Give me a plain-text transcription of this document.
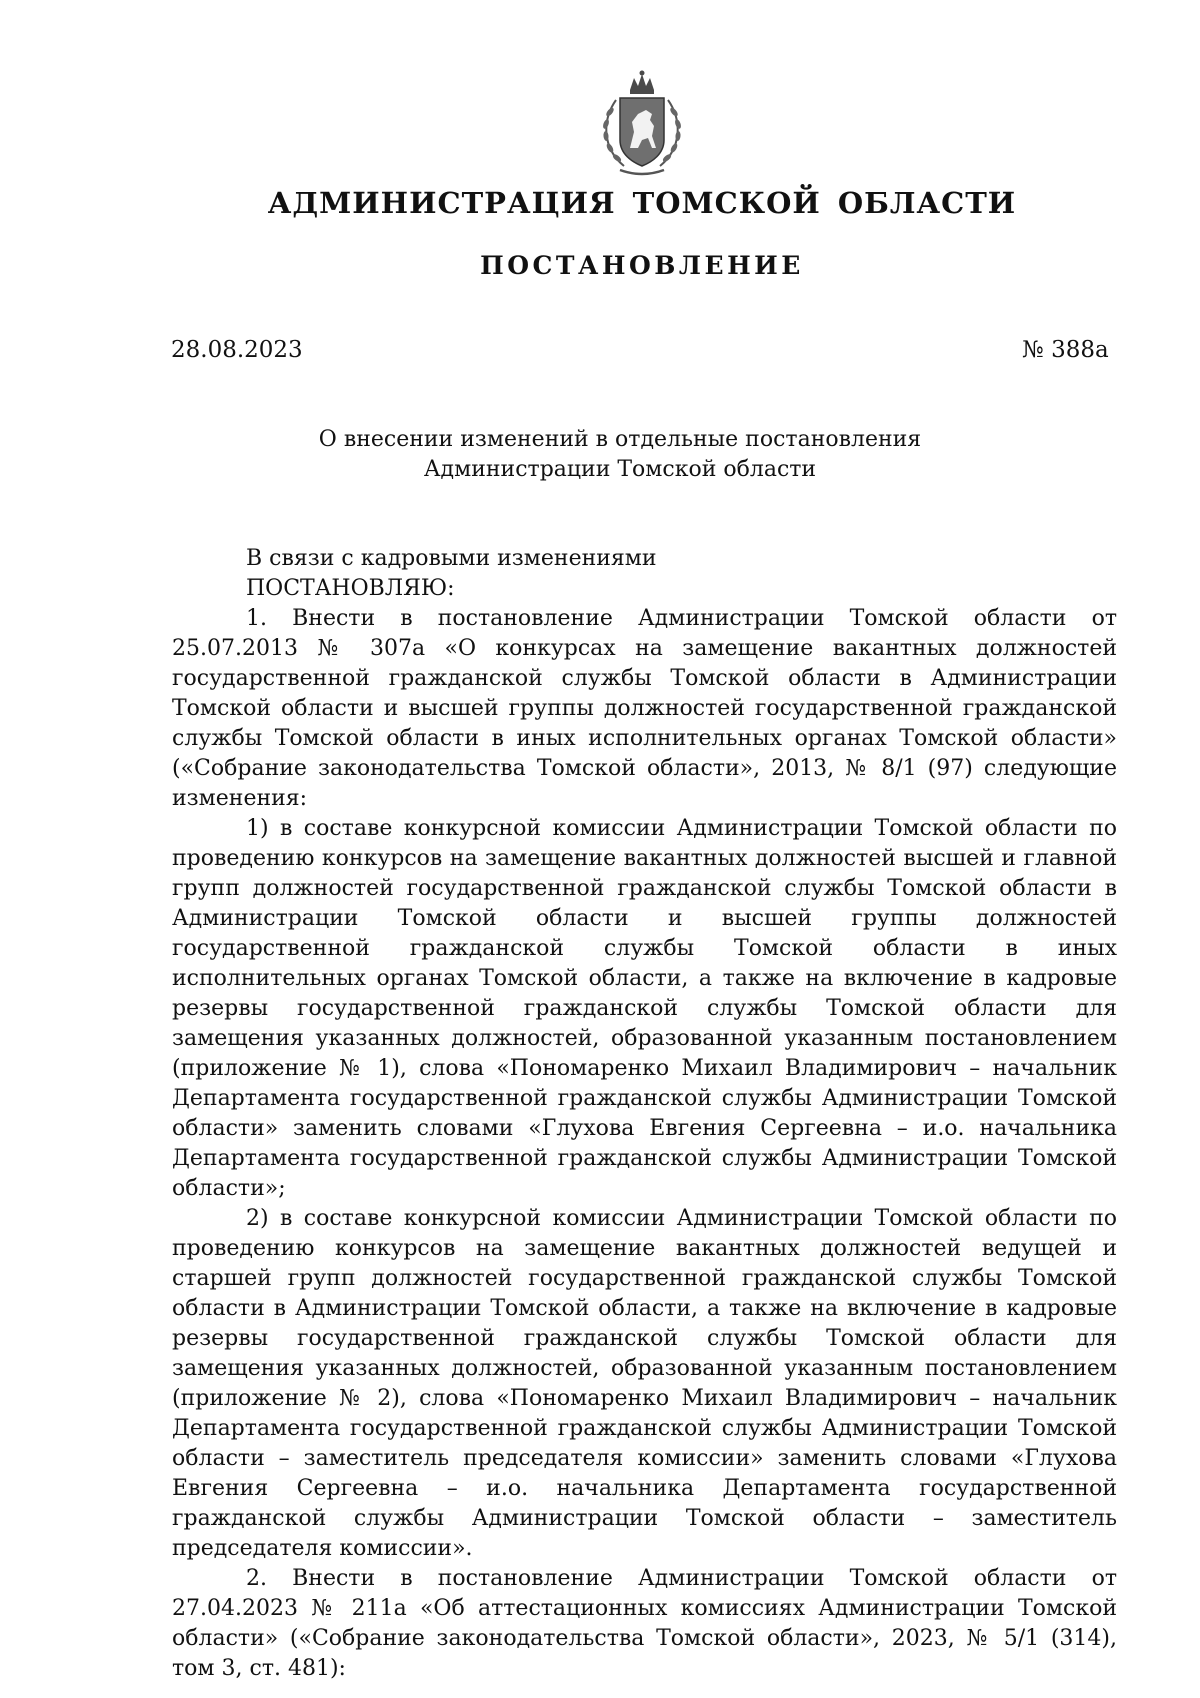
АДМИНИСТРАЦИЯ ТОМСКОЙ ОБЛАСТИ
ПОСТАНОВЛЕНИЕ
28.08.2023	№ 388а
О внесении изменений в отдельные постановления
Администрации Томской области

В связи с кадровыми изменениями

ПОСТАНОВЛЯЮ:

1. Внести в постановление Администрации Томской области от 25.07.2013 № 307а «О конкурсах на замещение вакантных должностей государственной гражданской службы Томской области в Администрации Томской области и высшей группы должностей государственной гражданской службы Томской области в иных исполнительных органах Томской области» («Собрание законодательства Томской области», 2013, № 8/1 (97) следующие изменения:

1) в составе конкурсной комиссии Администрации Томской области по проведению конкурсов на замещение вакантных должностей высшей и главной групп должностей государственной гражданской службы Томской области в Администрации Томской области и высшей группы должностей государственной гражданской службы Томской области в иных исполнительных органах Томской области, а также на включение в кадровые резервы государственной гражданской службы Томской области для замещения указанных должностей, образованной указанным постановлением (приложение № 1), слова «Пономаренко Михаил Владимирович – начальник Департамента государственной гражданской службы Администрации Томской области» заменить словами «Глухова Евгения Сергеевна – и.о. начальника Департамента государственной гражданской службы Администрации Томской области»;

2) в составе конкурсной комиссии Администрации Томской области по проведению конкурсов на замещение вакантных должностей ведущей и старшей групп должностей государственной гражданской службы Томской области в Администрации Томской области, а также на включение в кадровые резервы государственной гражданской службы Томской области для замещения указанных должностей, образованной указанным постановлением (приложение № 2), слова «Пономаренко Михаил Владимирович – начальник Департамента государственной гражданской службы Администрации Томской области – заместитель председателя комиссии» заменить словами «Глухова Евгения Сергеевна – и.о. начальника Департамента государственной гражданской службы Администрации Томской области – заместитель председателя комиссии».

2. Внести в постановление Администрации Томской области от 27.04.2023 № 211а «Об аттестационных комиссиях Администрации Томской области» («Собрание законодательства Томской области», 2023, № 5/1 (314), том 3, ст. 481):
